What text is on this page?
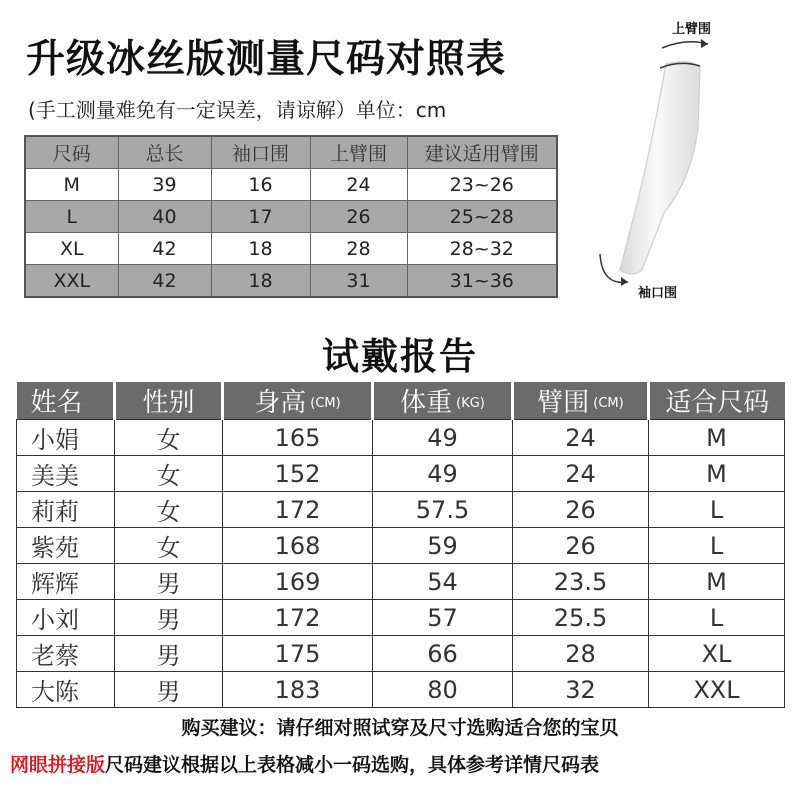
升级冰丝版测量尺码对照表
(手工测量难免有一定误差，请谅解）单位：cm
尺码	总长	袖口围	上臂围	建议适用臂围
M	39	16	24	23~26
L	40	17	26	25~28
XL	42	18	28	28~32
XXL	42	18	31	31~36
上臂围
袖口围
试戴报告
姓名	性别	身高 (CM)	体重 (KG)	臂围 (CM)	适合尺码
小娟	女	165	49	24	M
美美	女	152	49	24	M
莉莉	女	172	57.5	26	L
紫苑	女	168	59	26	L
辉辉	男	169	54	23.5	M
小刘	男	172	57	25.5	L
老蔡	男	175	66	28	XL
大陈	男	183	80	32	XXL
购买建议：请仔细对照试穿及尺寸选购适合您的宝贝
网眼拼接版尺码建议根据以上表格减小一码选购，具体参考详情尺码表
